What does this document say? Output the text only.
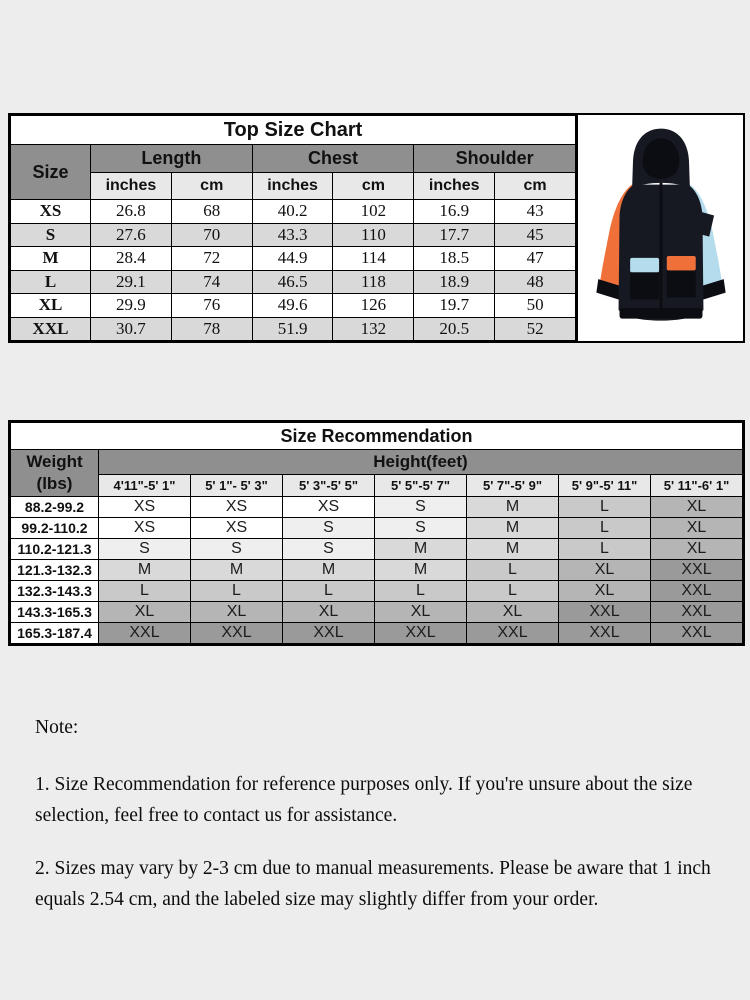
Top Size Chart						
Size	Length		Chest		Shoulder	
	inches	cm	inches	cm	inches	cm
XS	26.8	68	40.2	102	16.9	43
S	27.6	70	43.3	110	17.7	45
M	28.4	72	44.9	114	18.5	47
L	29.1	74	46.5	118	18.9	48
XL	29.9	76	49.6	126	19.7	50
XXL	30.7	78	51.9	132	20.5	52
Size Recommendation							

Weight
(lbs)	Height(feet)						
	4'11"-5' 1"	5' 1"- 5' 3"	5' 3"-5' 5"	5' 5"-5' 7"	5' 7"-5' 9"	5' 9"-5' 11"	5' 11"-6' 1"
88.2-99.2	XS	XS	XS	S	M	L	XL
99.2-110.2	XS	XS	S	S	M	L	XL
110.2-121.3	S	S	S	M	M	L	XL
121.3-132.3	M	M	M	M	L	XL	XXL
132.3-143.3	L	L	L	L	L	XL	XXL
143.3-165.3	XL	XL	XL	XL	XL	XXL	XXL
165.3-187.4	XXL	XXL	XXL	XXL	XXL	XXL	XXL

Note:

1. Size Recommendation for reference purposes only. If you're unsure about the size selection, feel free to contact us for assistance.

2. Sizes may vary by 2-3 cm due to manual measurements. Please be aware that 1 inch equals 2.54 cm, and the labeled size may slightly differ from your order.
